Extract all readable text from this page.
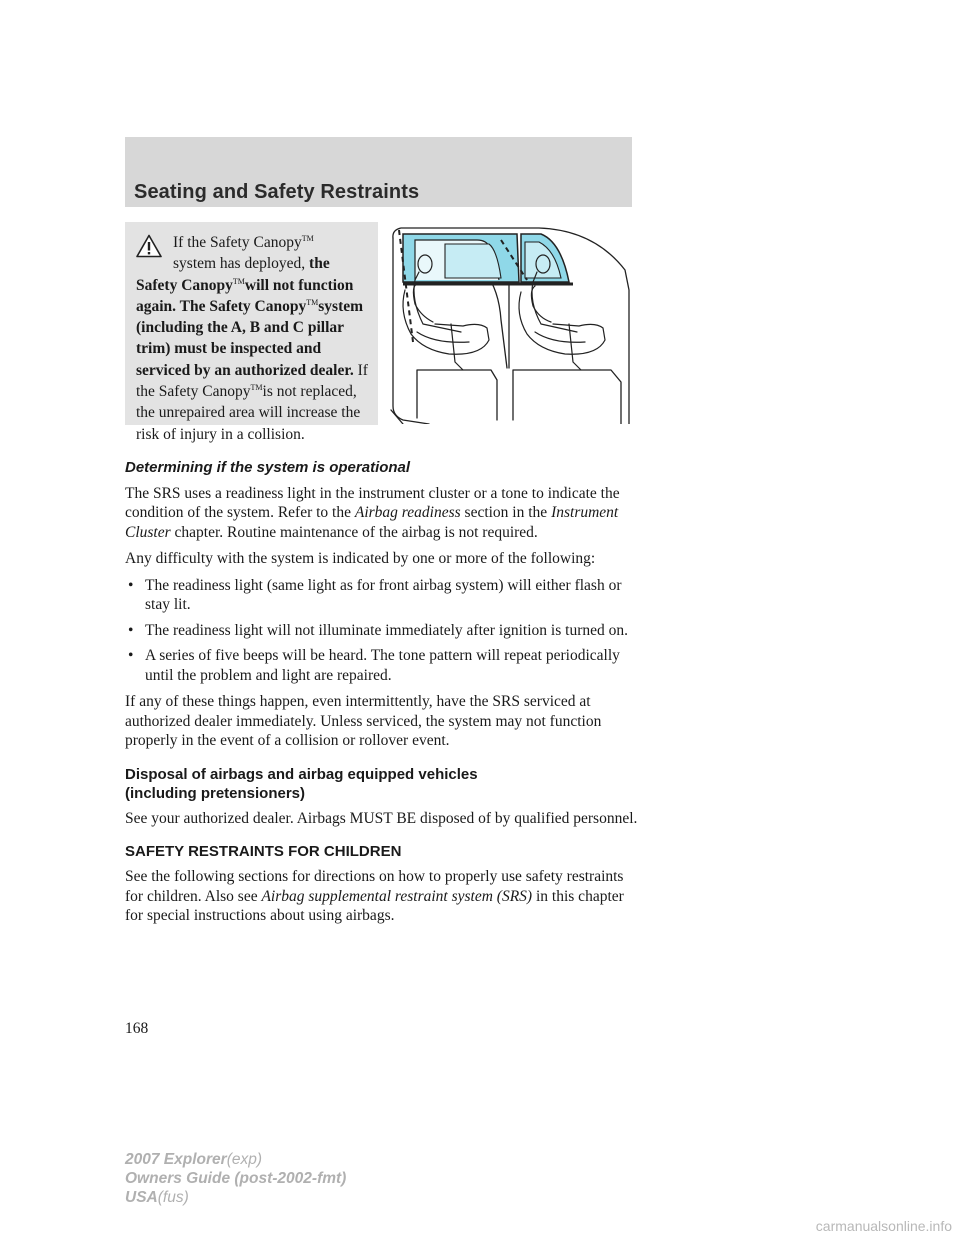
Seating and Safety Restraints

If the Safety Canopy™
system has deployed, the Safety Canopy™will not function again. The Safety Canopy™system (including the A, B and C pillar trim) must be inspected and serviced by an authorized dealer. If the Safety Canopy™is not replaced, the unrepaired area will increase the risk of injury in a collision.

Determining if the system is operational

The SRS uses a readiness light in the instrument cluster or a tone to indicate the condition of the system. Refer to the Airbag readiness section in the Instrument Cluster chapter. Routine maintenance of the airbag is not required.

Any difficulty with the system is indicated by one or more of the following:

• The readiness light (same light as for front airbag system) will either flash or stay lit.
• The readiness light will not illuminate immediately after ignition is turned on.
• A series of five beeps will be heard. The tone pattern will repeat periodically until the problem and light are repaired.

If any of these things happen, even intermittently, have the SRS serviced at authorized dealer immediately. Unless serviced, the system may not function properly in the event of a collision or rollover event.

Disposal of airbags and airbag equipped vehicles
(including pretensioners)

See your authorized dealer. Airbags MUST BE disposed of by qualified personnel.

SAFETY RESTRAINTS FOR CHILDREN

See the following sections for directions on how to properly use safety restraints for children. Also see Airbag supplemental restraint system (SRS) in this chapter for special instructions about using airbags.

168

2007 Explorer(exp)
Owners Guide (post-2002-fmt)
USA(fus)

carmanualsonline.info
